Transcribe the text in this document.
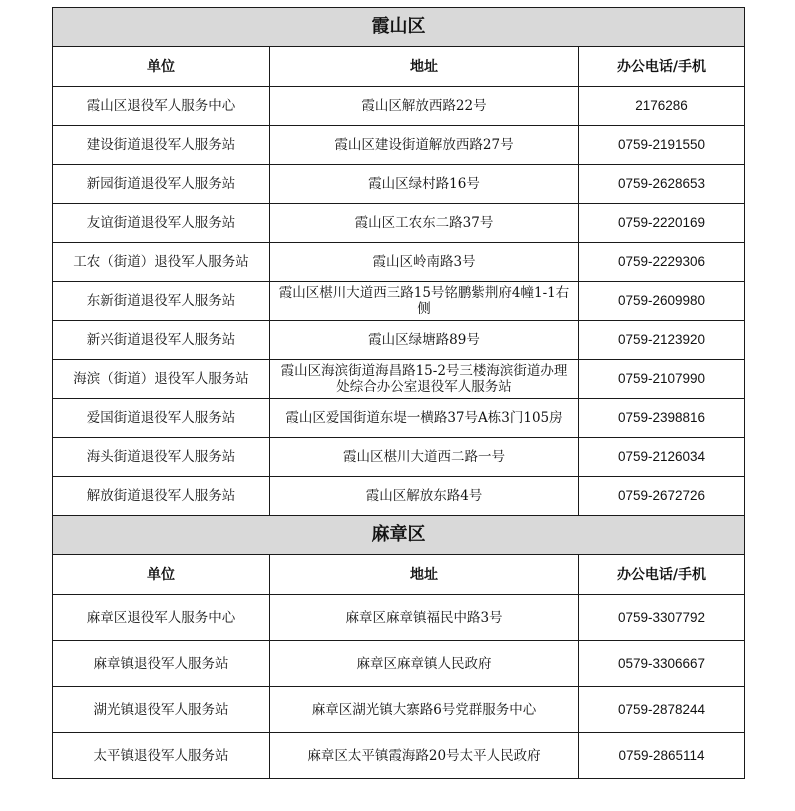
霞山区		
单位	地址	办公电话/手机
霞山区退役军人服务中心	霞山区解放西路22号	2176286
建设街道退役军人服务站	霞山区建设街道解放西路27号	0759-2191550
新园街道退役军人服务站	霞山区绿村路16号	0759-2628653
友谊街道退役军人服务站	霞山区工农东二路37号	0759-2220169
工农（街道）退役军人服务站	霞山区岭南路3号	0759-2229306
东新街道退役军人服务站	霞山区椹川大道西三路15号铭鹏紫荆府4幢1-1右侧	0759-2609980
新兴街道退役军人服务站	霞山区绿塘路89号	0759-2123920
海滨（街道）退役军人服务站	霞山区海滨街道海昌路15-2号三楼海滨街道办理处综合办公室退役军人服务站	0759-2107990
爱国街道退役军人服务站	霞山区爱国街道东堤一横路37号A栋3门105房	0759-2398816
海头街道退役军人服务站	霞山区椹川大道西二路一号	0759-2126034
解放街道退役军人服务站	霞山区解放东路4号	0759-2672726
麻章区		
单位	地址	办公电话/手机
麻章区退役军人服务中心	麻章区麻章镇福民中路3号	0759-3307792
麻章镇退役军人服务站	麻章区麻章镇人民政府	0579-3306667
湖光镇退役军人服务站	麻章区湖光镇大寨路6号党群服务中心	0759-2878244
太平镇退役军人服务站	麻章区太平镇霞海路20号太平人民政府	0759-2865114
